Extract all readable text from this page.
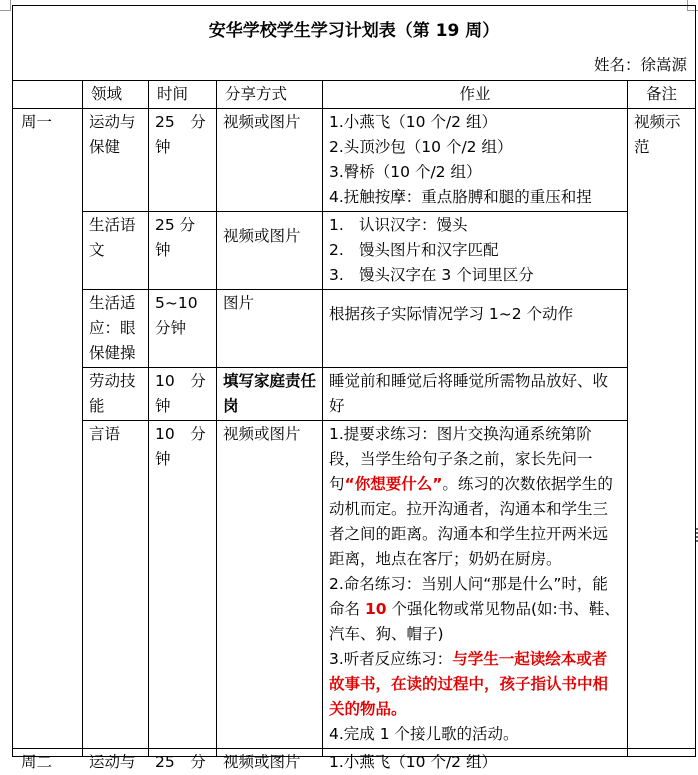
安华学校学生学习计划表（第 19 周）					
姓名：徐嵩源					
	领域	时间	分享方式	作业	备注
周一	运动与保健	25　分钟	视频或图片	1.小燕飞（10 个/2 组）
2.头顶沙包（10 个/2 组）
3.臀桥（10 个/2 组）
4.抚触按摩：重点胳膊和腿的重压和捏	视频示范
	生活语文	25 分钟	视频或图片	1. 认识汉字：馒头
2. 馒头图片和汉字匹配
3. 馒头汉字在 3 个词里区分	

	生活适应：眼保健操	5~10 分钟	图片	根据孩子实际情况学习 1~2 个动作	
	劳动技能	10　分钟	填写家庭责任岗	睡觉前和睡觉后将睡觉所需物品放好、收好	
	言语	10　分钟	视频或图片	1.提要求练习：图片交换沟通系统第阶段，当学生给句子条之前，家长先问一句“你想要什么”。练习的次数依据学生的动机而定。拉开沟通者，沟通本和学生三者之间的距离。沟通本和学生拉开两米远距离，地点在客厅；奶奶在厨房。
2.命名练习：当别人问“那是什么”时，能命名 10 个强化物或常见物品(如:书、鞋、汽车、狗、帽子)
3.听者反应练习：与学生一起读绘本或者故事书，在读的过程中，孩子指认书中相关的物品。
4.完成 1 个接儿歌的活动。	

周二	运动与	25　分	视频或图片	1.小燕飞（10 个/2 组）	
